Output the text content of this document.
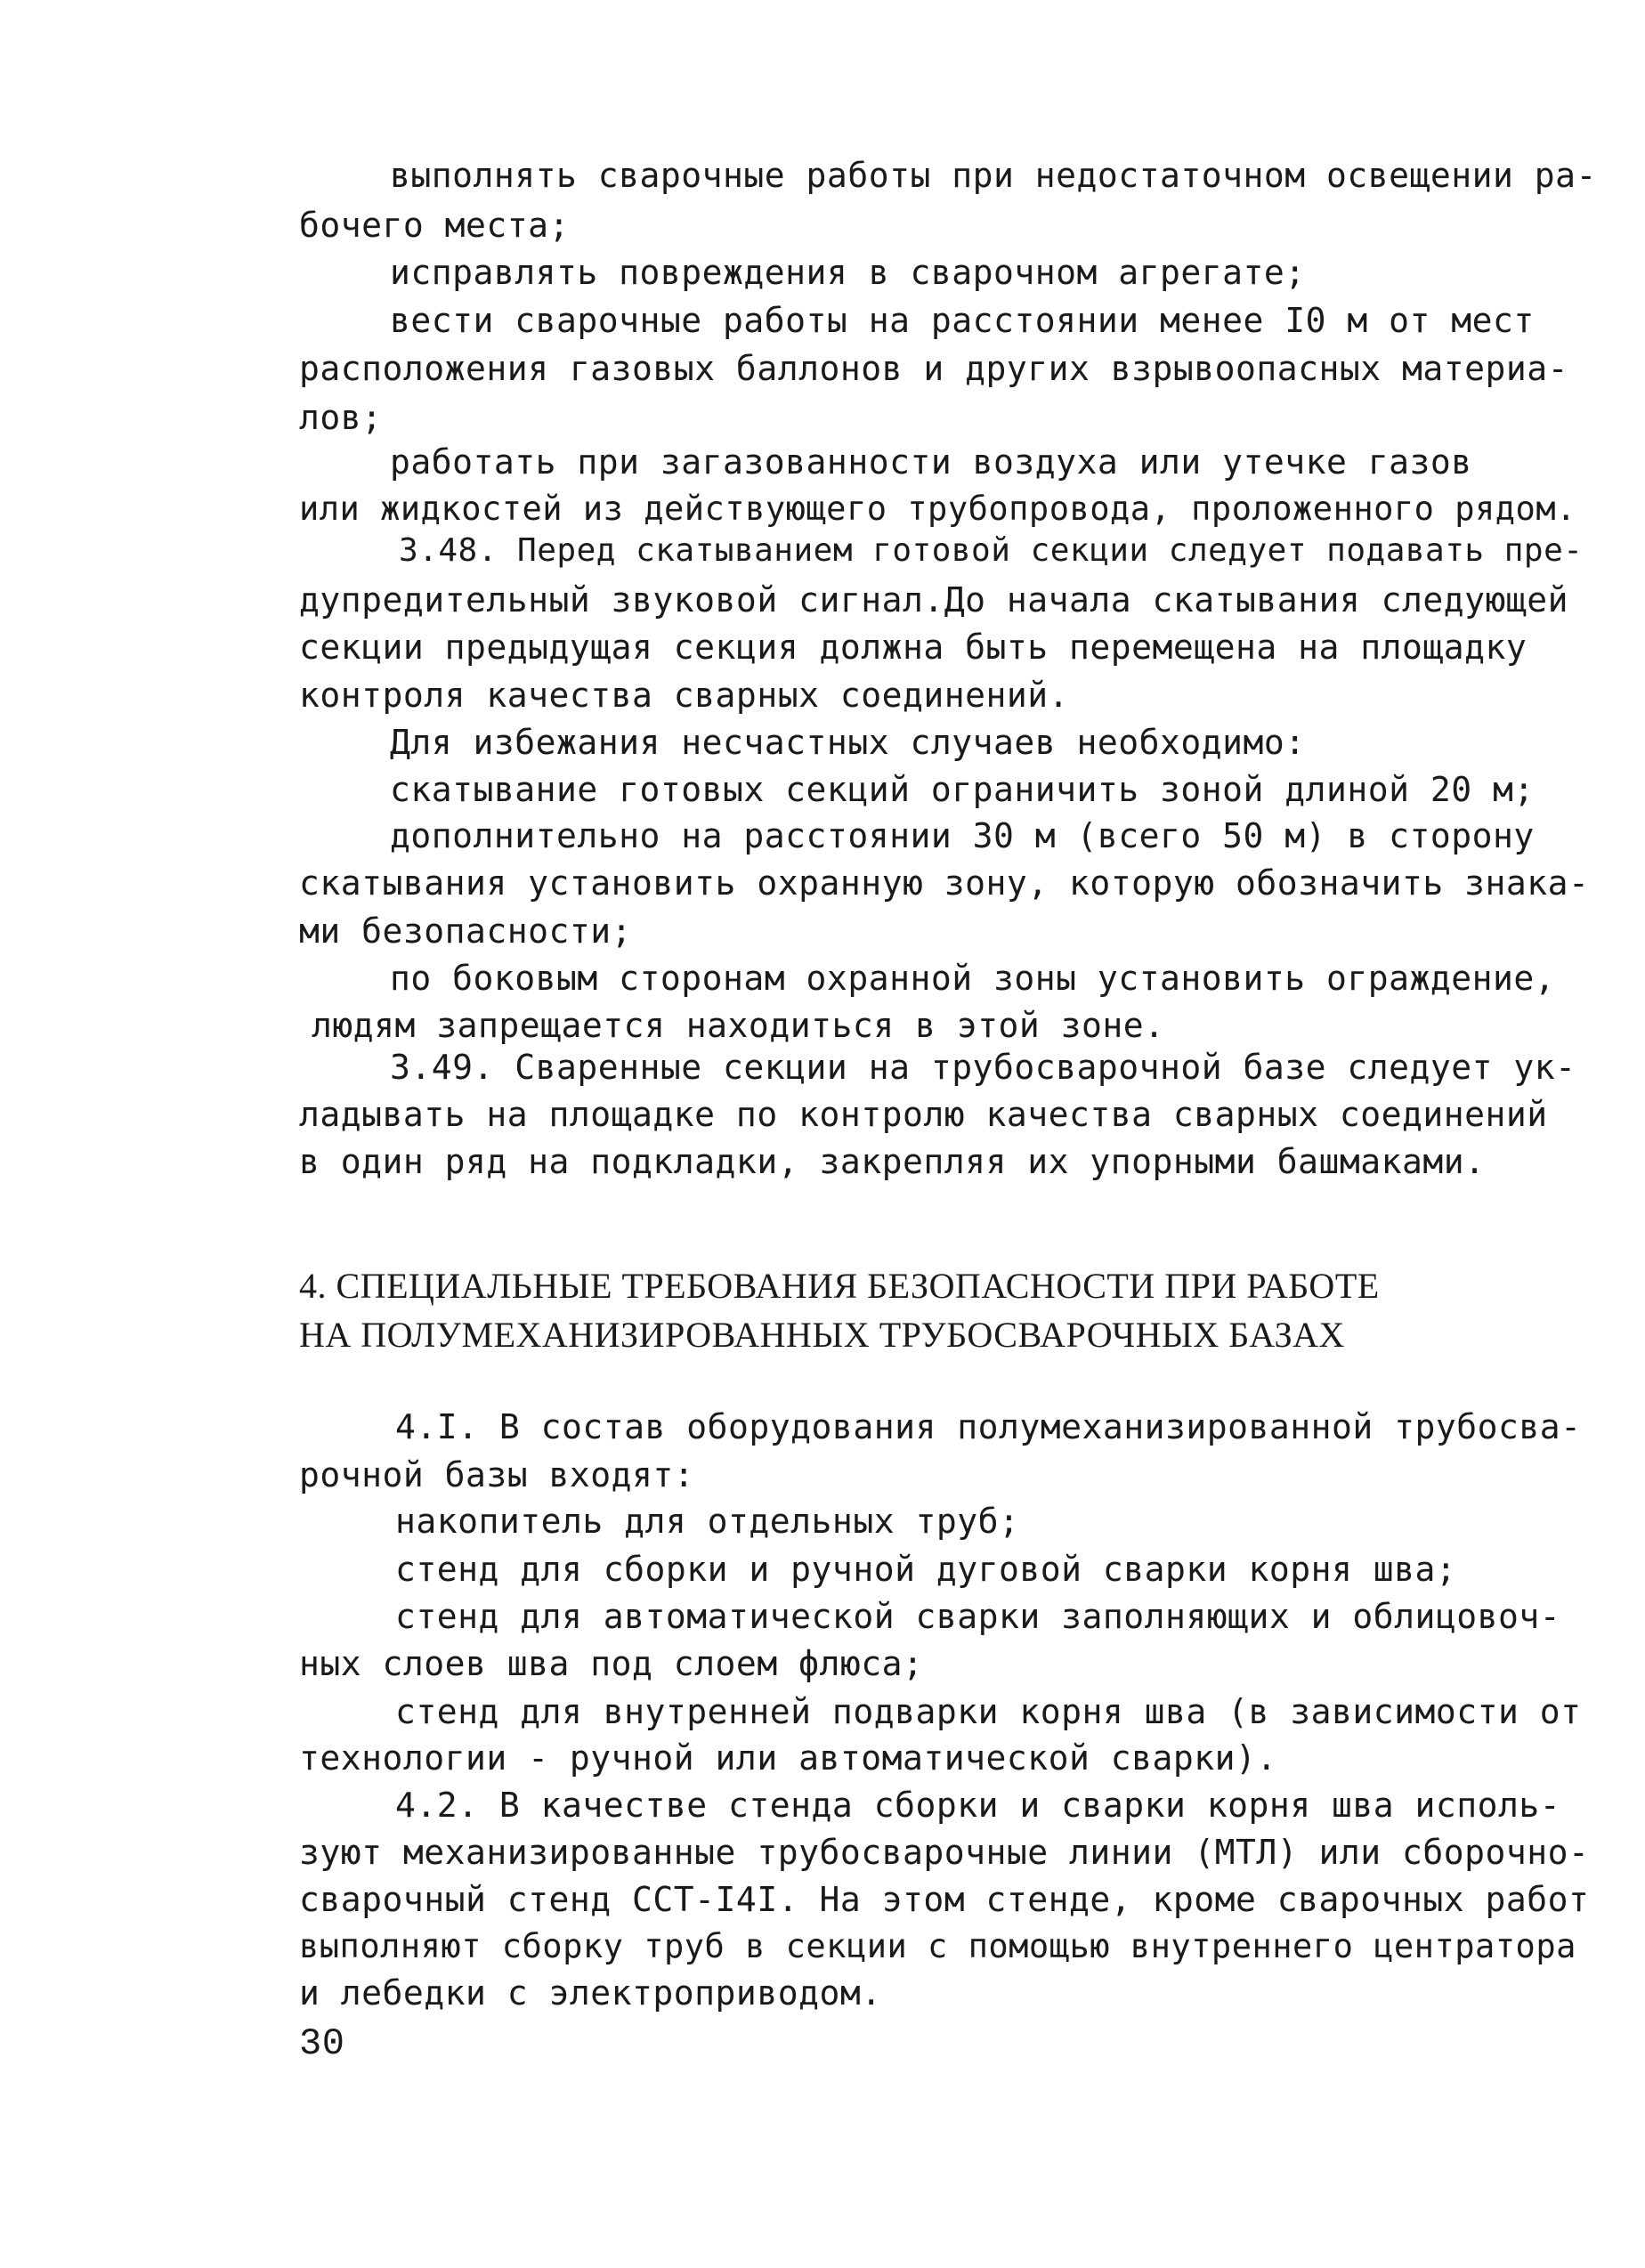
выполнять сварочные работы при недостаточном освещении ра-
бочего места;
исправлять повреждения в сварочном агрегате;
вести сварочные работы на расстоянии менее I0 м от мест
расположения газовых баллонов и других взрывоопасных материа-
лов;
работать при загазованности воздуха или утечке газов
или жидкостей из действующего трубопровода, проложенного рядом.
3.48. Перед скатыванием готовой секции следует подавать пре-
дупредительный звуковой сигнал.До начала скатывания следующей
секции предыдущая секция должна быть перемещена на площадку
контроля качества сварных соединений.
Для избежания несчастных случаев необходимо:
скатывание готовых секций ограничить зоной длиной 20 м;
дополнительно на расстоянии 30 м (всего 50 м) в сторону
скатывания установить охранную зону, которую обозначить знака-
ми безопасности;
по боковым сторонам охранной зоны установить ограждение,
людям запрещается находиться в этой зоне.
3.49. Сваренные секции на трубосварочной базе следует ук-
ладывать на площадке по контролю качества сварных соединений
в один ряд на подкладки, закрепляя их упорными башмаками.
4. СПЕЦИАЛЬНЫЕ ТРЕБОВАНИЯ БЕЗОПАСНОСТИ ПРИ РАБОТЕ
НА ПОЛУМЕХАНИЗИРОВАННЫХ ТРУБОСВАРОЧНЫХ БАЗАХ
4.I. В состав оборудования полумеханизированной трубосва-
рочной базы входят:
накопитель для отдельных труб;
стенд для сборки и ручной дуговой сварки корня шва;
стенд для автоматической сварки заполняющих и облицовоч-
ных слоев шва под слоем флюса;
стенд для внутренней подварки корня шва (в зависимости от
технологии - ручной или автоматической сварки).
4.2. В качестве стенда сборки и сварки корня шва исполь-
зуют механизированные трубосварочные линии (МТЛ) или сборочно-
сварочный стенд ССТ-I4I. На этом стенде, кроме сварочных работ
выполняют сборку труб в секции с помощью внутреннего центратора
и лебедки с электроприводом.
30
